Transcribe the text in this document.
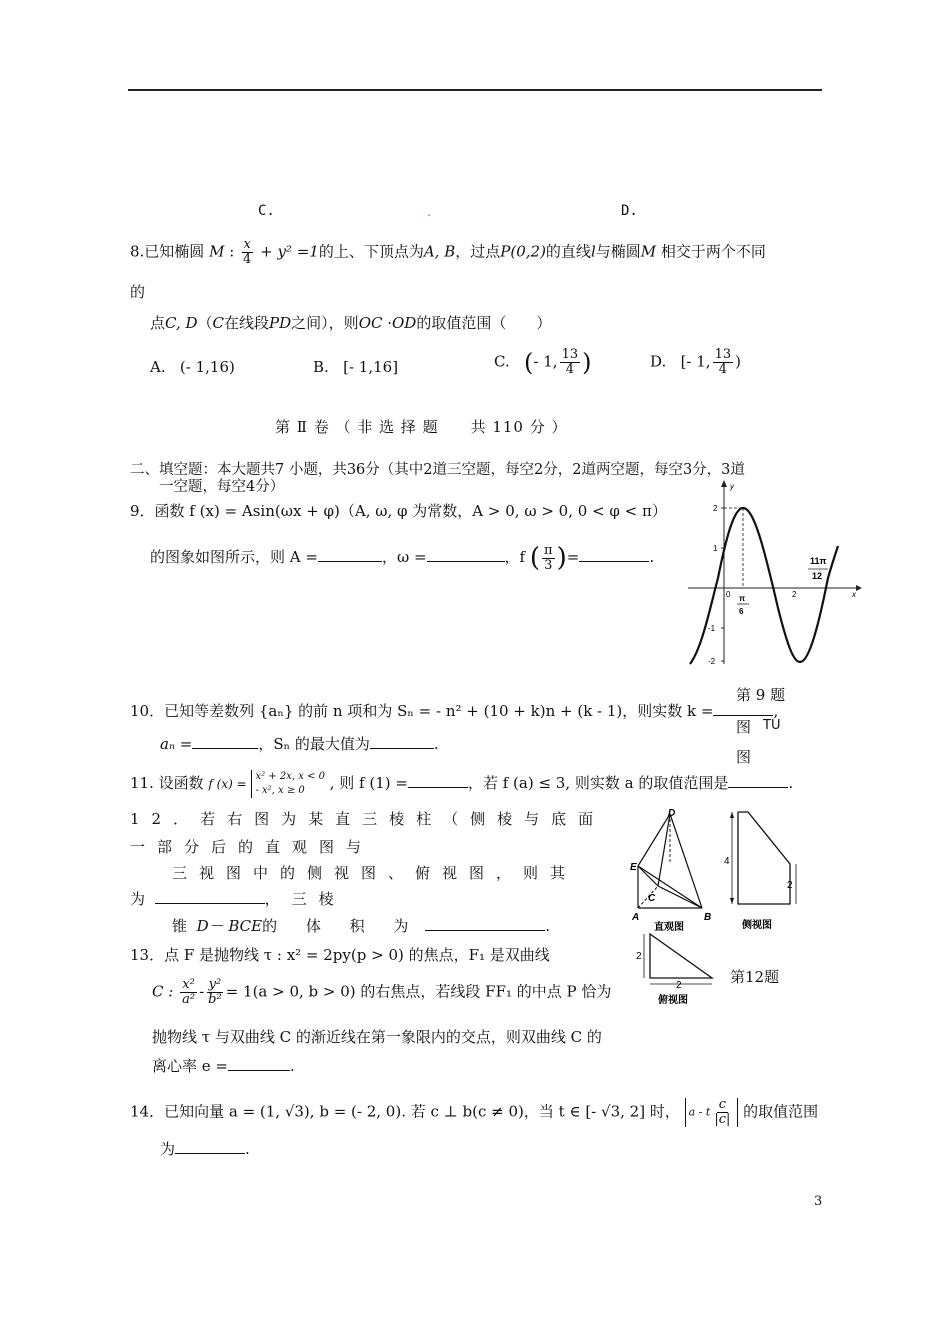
C.	.	D.
8.已知椭圆 M : $\frac{x}{4} + y^2 =1$的上、下顶点为A, B，过点P(0,2)的直线l与椭圆M 相交于两个不同
的
点C, D（C在线段PD之间），则OC ·OD的取值范围（　　）
A. (- 1,16)	B. [- 1,16]	C. (- 1, $\frac{13}{4}$ )	D. [- 1, $\frac{13}{4}$ )
第 Ⅱ 卷 （ 非 选 择 题　　共 110 分 ）
二、填空题：本大题共7 小题，共36分（其中2道三空题，每空2分，2道两空题，每空3分，3道
一空题，每空4分）
9．函数 f (x) = Asin(ωx + φ)（A, ω, φ 为常数，A > 0, ω > 0, 0 < φ < π）
的图象如图所示，则 A =	，ω =	，f ( $\frac{\pi}{3}$ )=	.
x
y
2
1
-1
-2
2
0 π
6
11π
12
第 9 题
图 TU
图
10．已知等差数列 {aₙ} 的前 n 项和为 Sₙ = - n² + (10 + k)n + (k - 1)，则实数 k =	,
aₙ =	，Sₙ 的最大值为	.
11. 设函数 f (x) =
x² + 2x, x < 0
- x², x ≥ 0	, 则 f (1) =	，若 f (a) ≤ 3, 则实数 a 的取值范围是	.
12．若右图为某直三棱柱（侧棱与底面
一部分后的直观图与
三视图中的侧视图、俯视图，则其
为	，三棱
锥 D－ BCE的 体 积 为	.
D
E
C
A	B
直观图
4
2
侧视图
2
2
俯视图
第12题
13．点 F 是抛物线 τ : x² = 2py(p > 0) 的焦点，F₁ 是双曲线
C : $\frac{\text{x²}}{\text{a²}} - \frac{\text{y²}}{\text{b²}} = 1(a > 0$, b > 0) 的右焦点，若线段 FF₁ 的中点 P 恰为
抛物线 τ 与双曲线 C 的渐近线在第一象限内的交点，则双曲线 C 的
离心率 e =	.
14．已知向量 a = (1, √3), b = (- 2, 0). 若 c ⊥ b(c ≠ 0)，当 t ∈ [- √3, 2] 时， a - t $\frac{c}{|c|}$ 的取值范围
为	.
3
